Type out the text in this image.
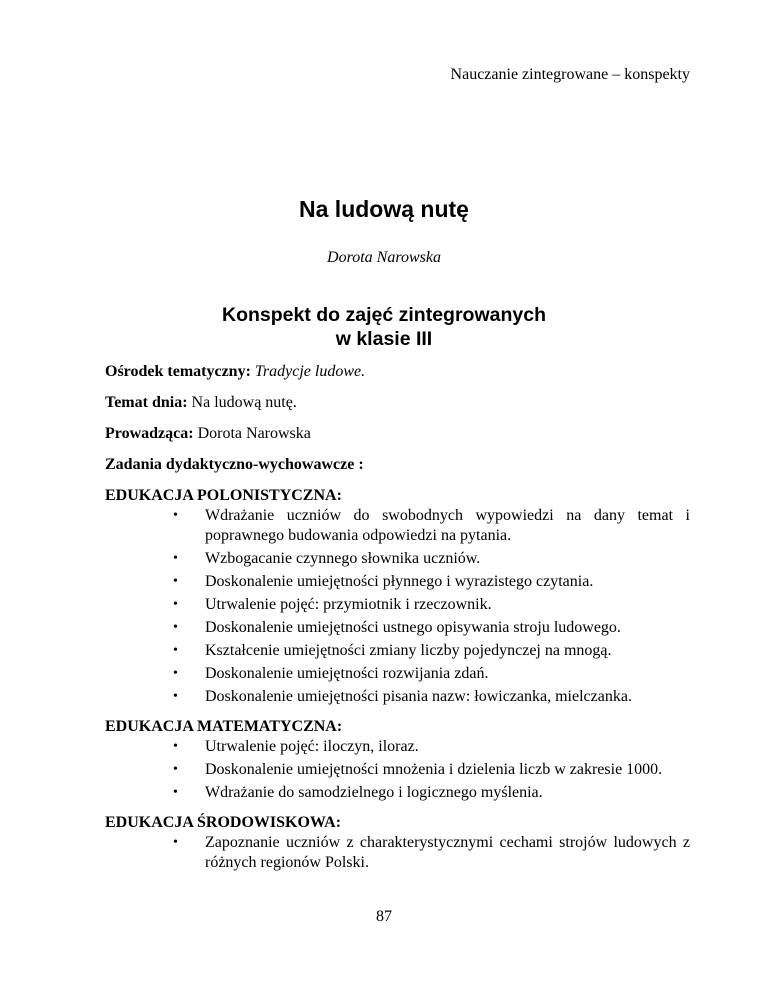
Nauczanie zintegrowane – konspekty
Na ludową nutę
Dorota Narowska
Konspekt do zajęć zintegrowanych
w klasie III

Ośrodek tematyczny: Tradycje ludowe.

Temat dnia: Na ludową nutę.

Prowadząca: Dorota Narowska

Zadania dydaktyczno-wychowawcze :

EDUKACJA POLONISTYCZNA:

• Wdrażanie uczniów do swobodnych wypowiedzi na dany temat i poprawnego budowania odpowiedzi na pytania.
• Wzbogacanie czynnego słownika uczniów.
• Doskonalenie umiejętności płynnego i wyrazistego czytania.
• Utrwalenie pojęć: przymiotnik i rzeczownik.
• Doskonalenie umiejętności ustnego opisywania stroju ludowego.
• Kształcenie umiejętności zmiany liczby pojedynczej na mnogą.
• Doskonalenie umiejętności rozwijania zdań.
• Doskonalenie umiejętności pisania nazw: łowiczanka, mielczanka.

EDUKACJA MATEMATYCZNA:

• Utrwalenie pojęć: iloczyn, iloraz.
• Doskonalenie umiejętności mnożenia i dzielenia liczb w zakresie 1000.
• Wdrażanie do samodzielnego i logicznego myślenia.

EDUKACJA ŚRODOWISKOWA:

• Zapoznanie uczniów z charakterystycznymi cechami strojów ludowych z różnych regionów Polski.
87
